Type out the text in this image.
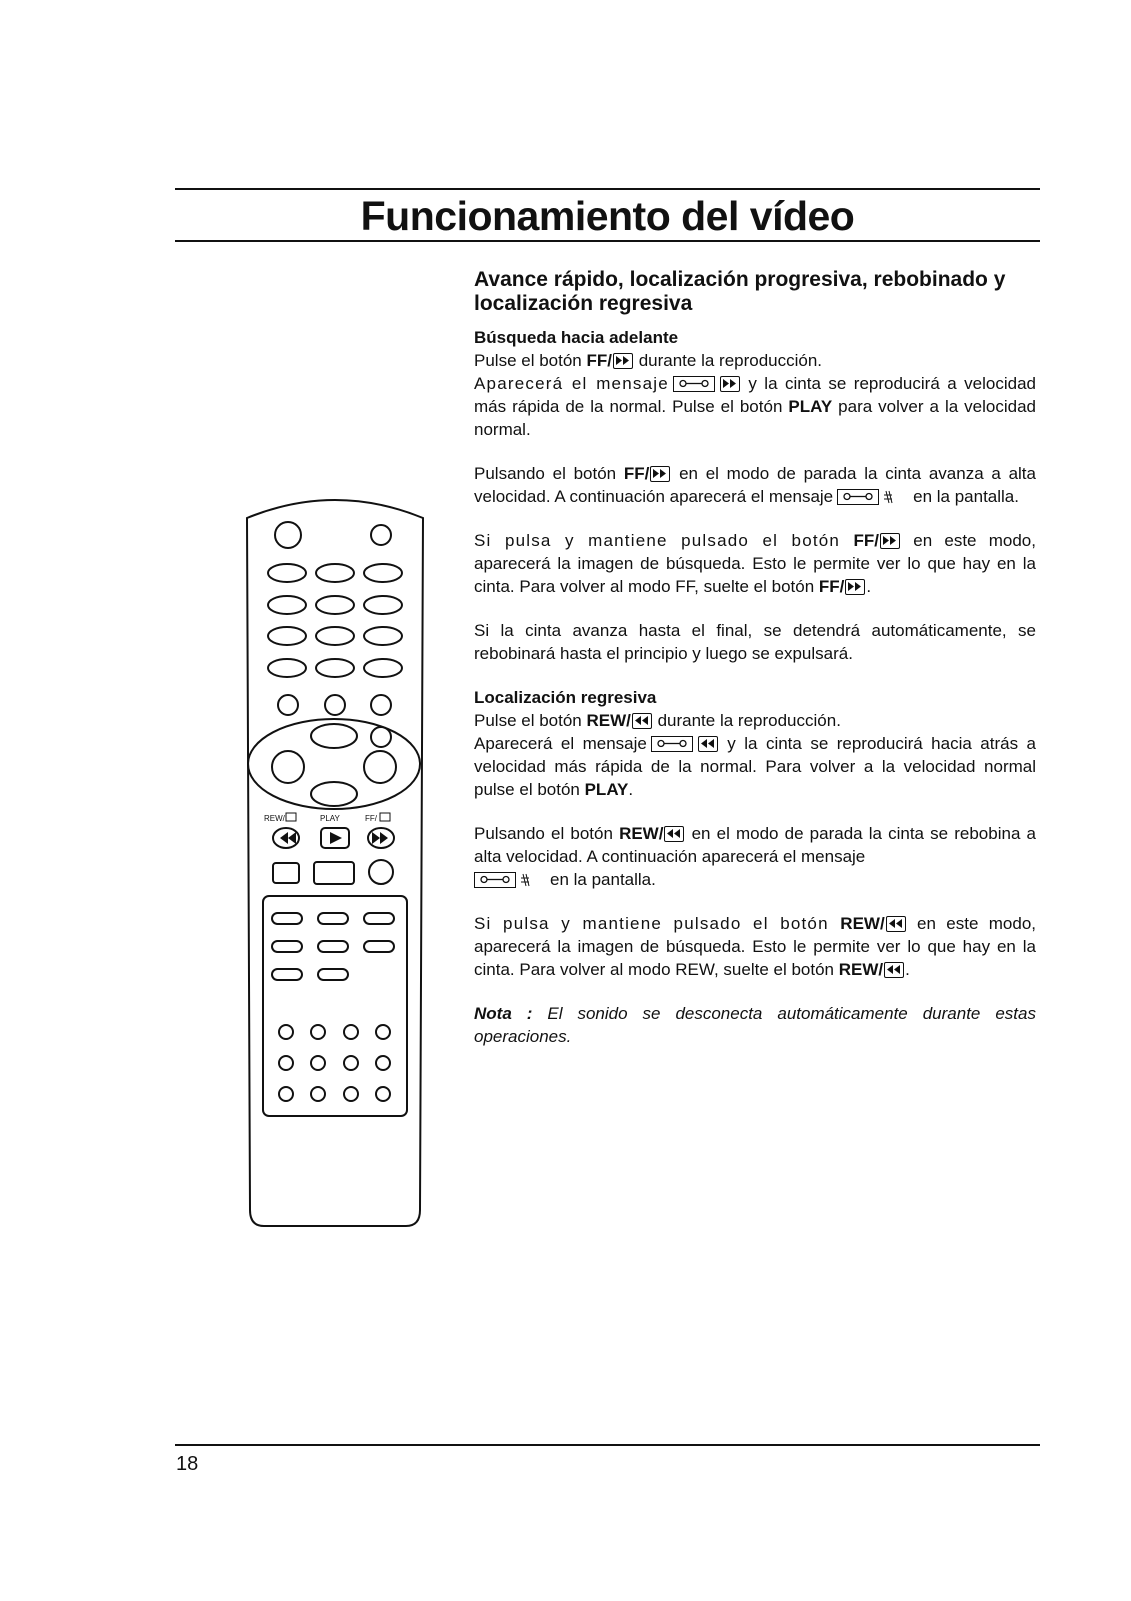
Funcionamiento del vídeo
REW/	PLAY	FF/
Avance rápido, localización progresiva, rebobinado y localización regresiva

Búsqueda hacia adelante

Pulse el botón FF/
durante la reproducción.

Aparecerá el mensaje	y la cinta se reproducirá a velocidad más rápida de la normal. Pulse el botón PLAY para volver a la velocidad normal.

Pulsando el botón FF/
en el modo de parada la cinta avanza a alta velocidad. A continuación aparecerá el mensaje	en la pantalla.

Si pulsa y mantiene pulsado el botón FF/
en este modo, aparecerá la imagen de búsqueda. Esto le permite ver lo que hay en la cinta. Para volver al modo FF, suelte el botón FF/ .

Si la cinta avanza hasta el final, se detendrá automáticamente, se rebobinará hasta el principio y luego se expulsará.

Localización regresiva

Pulse el botón REW/
durante la reproducción.

Aparecerá el mensaje	y la cinta se reproducirá hacia atrás a velocidad más rápida de la normal. Para volver a la velocidad normal pulse el botón PLAY.

Pulsando el botón REW/
en el modo de parada la cinta se rebobina a alta velocidad. A continuación aparecerá el mensaje

en la pantalla.

Si pulsa y mantiene pulsado el botón REW/
en este modo, aparecerá la imagen de búsqueda. Esto le permite ver lo que hay en la cinta. Para volver al modo REW, suelte el botón REW/ .

Nota : El sonido se desconecta automáticamente durante estas operaciones.

18
